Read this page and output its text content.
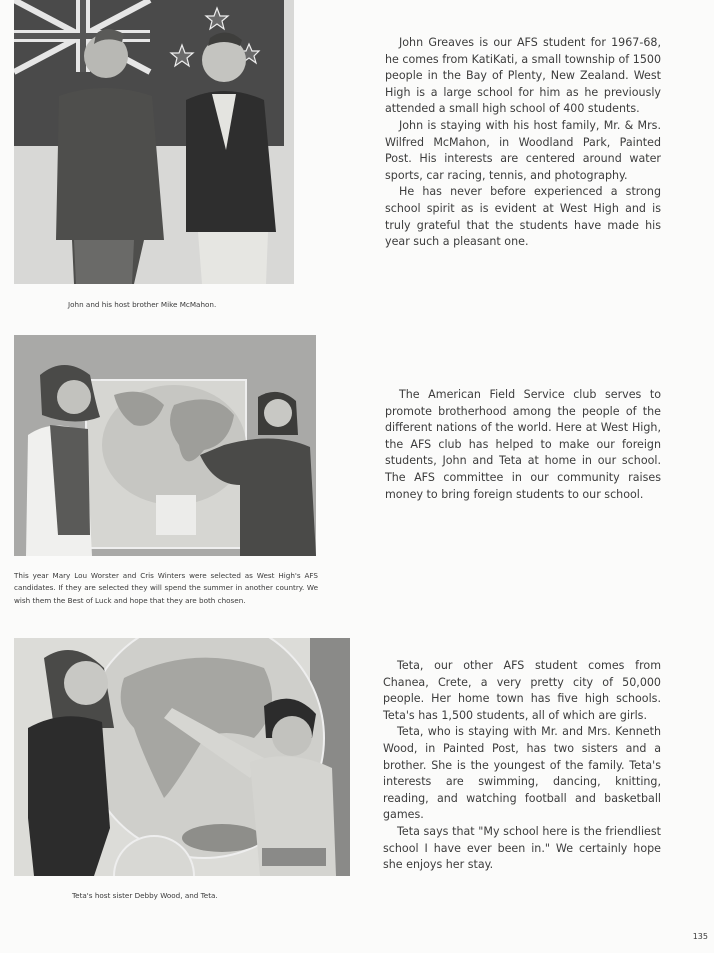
John and his host brother Mike McMahon.

John Greaves is our AFS student for 1967-68, he comes from KatiKati, a small township of 1500 people in the Bay of Plenty, New Zealand. West High is a large school for him as he previously attended a small high school of 400 students.

John is staying with his host family, Mr. & Mrs. Wilfred McMahon, in Woodland Park, Painted Post. His interests are centered around water sports, car racing, tennis, and photography.

He has never before experienced a strong school spirit as is evident at West High and is truly grateful that the students have made his year such a pleasant one.

This year Mary Lou Worster and Cris Winters were selected as West High's AFS candidates. If they are selected they will spend the summer in another country. We wish them the Best of Luck and hope that they are both chosen.

The American Field Service club serves to promote brotherhood among the people of the different nations of the world. Here at West High, the AFS club has helped to make our foreign students, John and Teta at home in our school. The AFS committee in our community raises money to bring foreign students to our school.

Teta's host sister Debby Wood, and Teta.

Teta, our other AFS student comes from Chanea, Crete, a very pretty city of 50,000 people. Her home town has five high schools. Teta's has 1,500 students, all of which are girls.

Teta, who is staying with Mr. and Mrs. Kenneth Wood, in Painted Post, has two sisters and a brother. She is the youngest of the family. Teta's interests are swimming, dancing, knitting, reading, and watching football and basketball games.

Teta says that "My school here is the friendliest school I have ever been in." We certainly hope she enjoys her stay.

135
